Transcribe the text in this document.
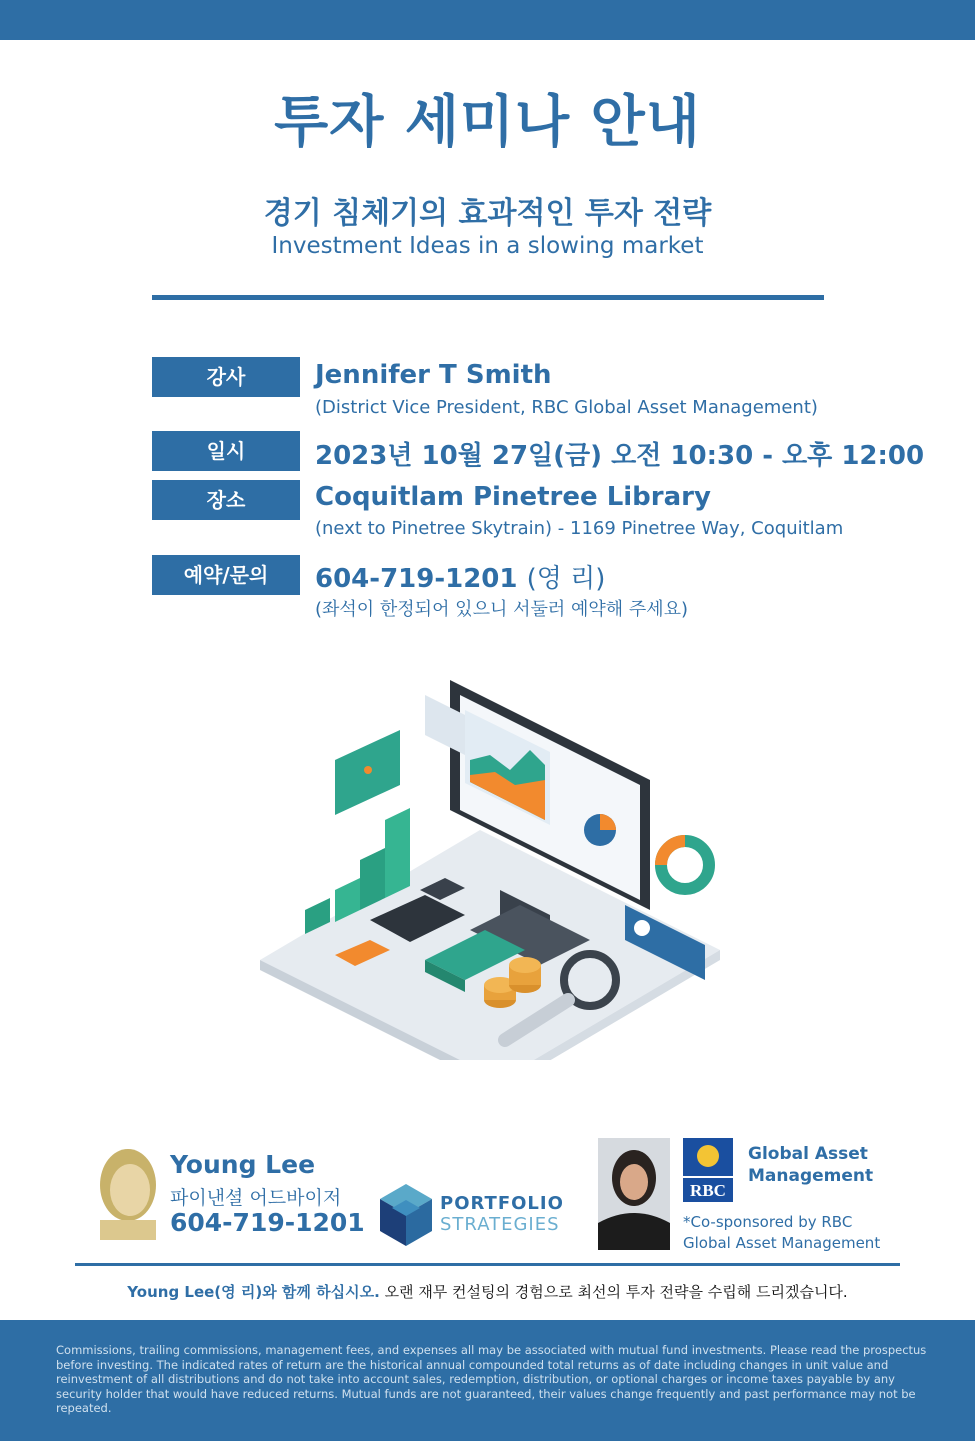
투자 세미나 안내
경기 침체기의 효과적인 투자 전략
Investment Ideas in a slowing market
강사	Jennifer T Smith
(District Vice President, RBC Global Asset Management)
일시	2023년 10월 27일(금) 오전 10:30 - 오후 12:00
장소	Coquitlam Pinetree Library
(next to Pinetree Skytrain) - 1169 Pinetree Way, Coquitlam
예약/문의	604-719-1201 (영 리)
(좌석이 한정되어 있으니 서둘러 예약해 주세요)
Young Lee
파이낸셜 어드바이저
604-719-1201
PORTFOLIO
STRATEGIES
RBC
Global Asset
Management
*Co-sponsored by RBC
Global Asset Management
Young Lee(영 리)와 함께 하십시오. 오랜 재무 컨설팅의 경험으로 최선의 투자 전략을 수립해 드리겠습니다.
Commissions, trailing commissions, management fees, and expenses all may be associated with mutual fund investments. Please read the prospectus before investing. The indicated rates of return are the historical annual compounded total returns as of date including changes in unit value and reinvestment of all distributions and do not take into account sales, redemption, distribution, or optional charges or income taxes payable by any security holder that would have reduced returns. Mutual funds are not guaranteed, their values change frequently and past performance may not be repeated.
